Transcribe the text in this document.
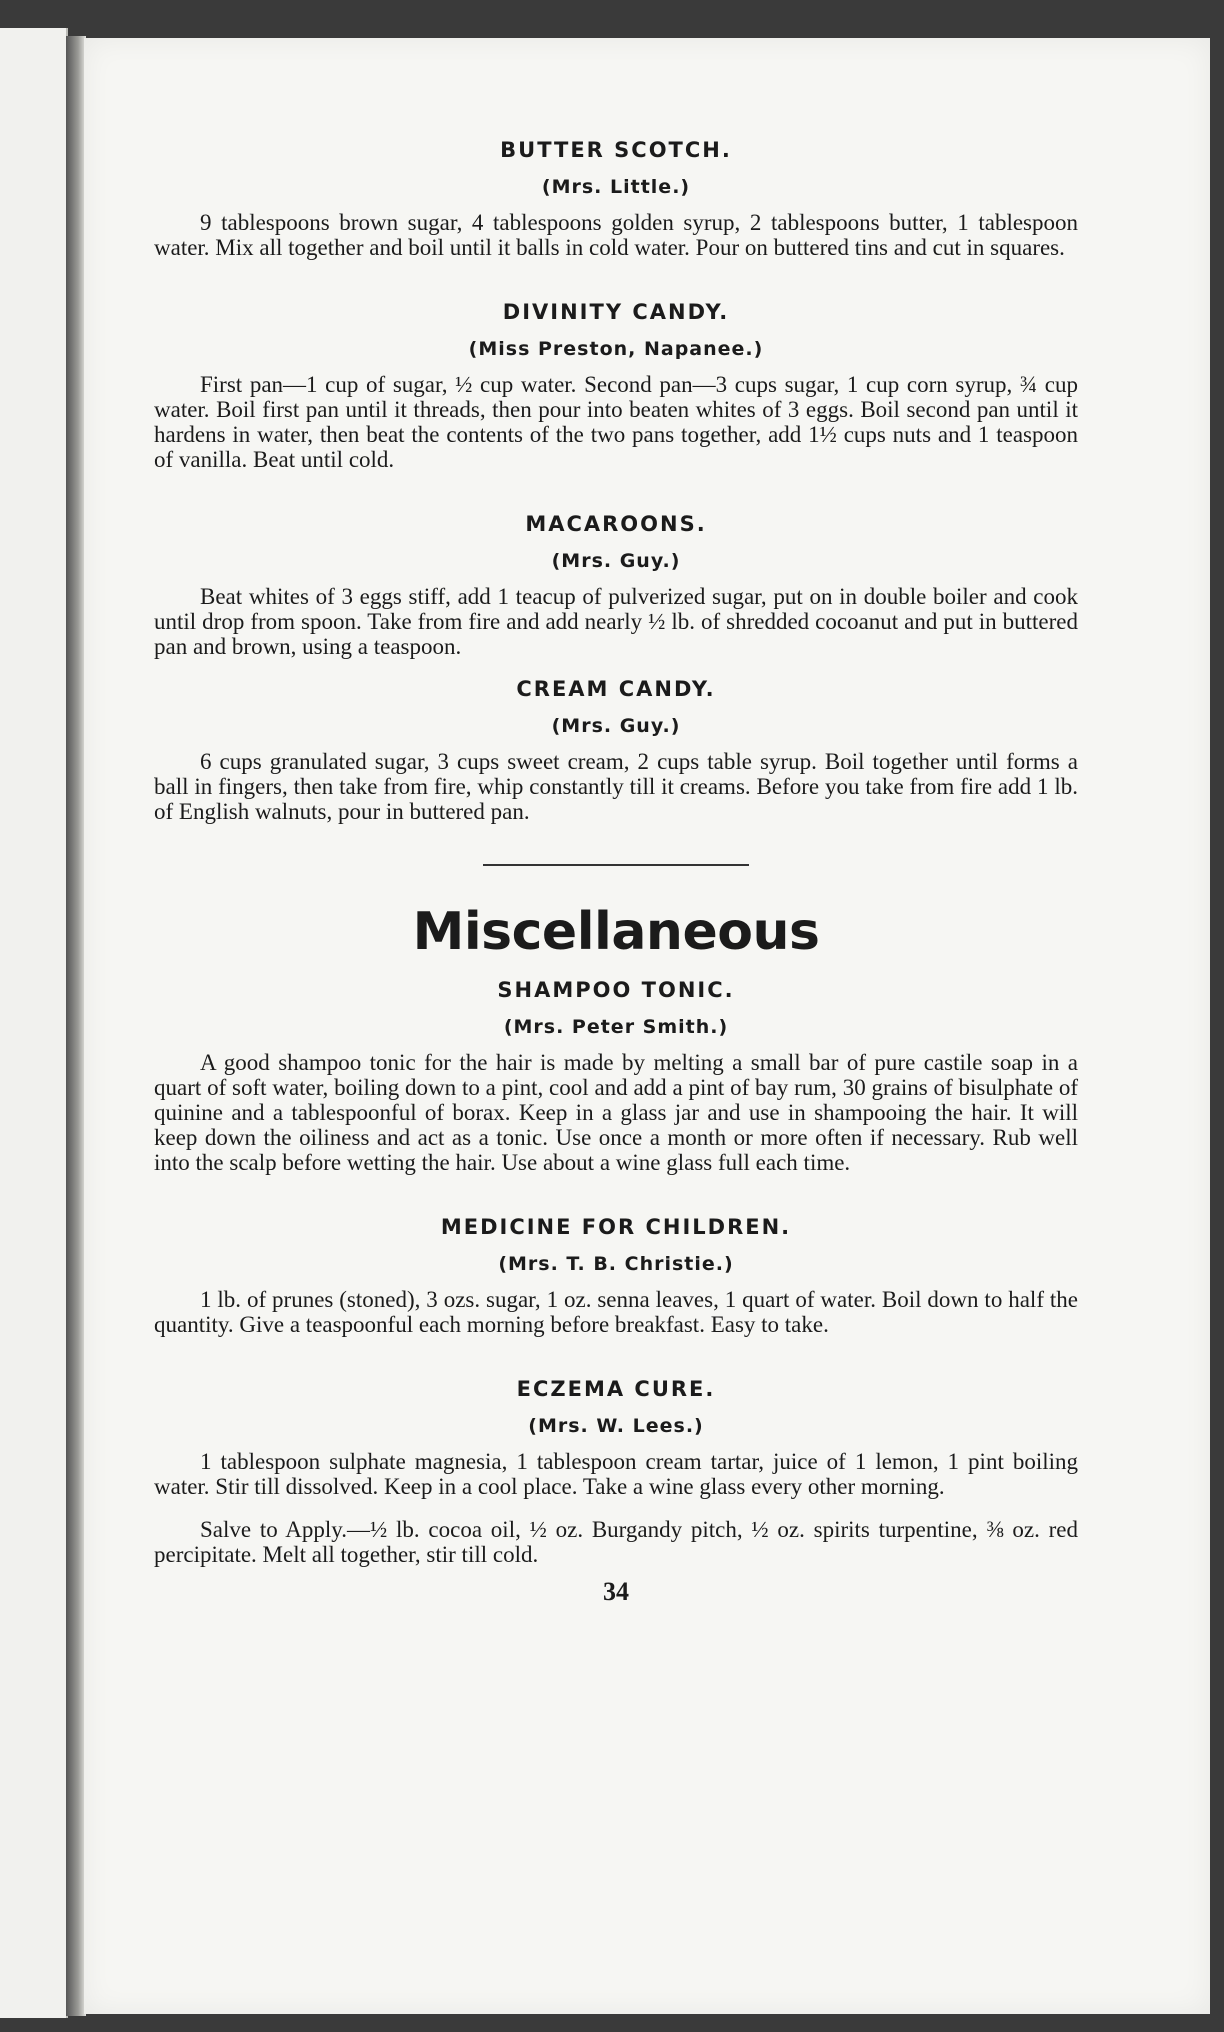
BUTTER SCOTCH.
(Mrs. Little.)

9 tablespoons brown sugar, 4 tablespoons golden syrup, 2 tablespoons butter, 1 tablespoon water. Mix all together and boil until it balls in cold water. Pour on buttered tins and cut in squares.

DIVINITY CANDY.
(Miss Preston, Napanee.)

First pan—1 cup of sugar, ½ cup water. Second pan—3 cups sugar, 1 cup corn syrup, ¾ cup water. Boil first pan until it threads, then pour into beaten whites of 3 eggs. Boil second pan until it hardens in water, then beat the contents of the two pans together, add 1½ cups nuts and 1 teaspoon of vanilla. Beat until cold.

MACAROONS.
(Mrs. Guy.)

Beat whites of 3 eggs stiff, add 1 teacup of pulverized sugar, put on in double boiler and cook until drop from spoon. Take from fire and add nearly ½ lb. of shredded cocoanut and put in buttered pan and brown, using a teaspoon.

CREAM CANDY.
(Mrs. Guy.)

6 cups granulated sugar, 3 cups sweet cream, 2 cups table syrup. Boil together until forms a ball in fingers, then take from fire, whip constantly till it creams. Before you take from fire add 1 lb. of English walnuts, pour in buttered pan.

Miscellaneous
SHAMPOO TONIC.
(Mrs. Peter Smith.)

A good shampoo tonic for the hair is made by melting a small bar of pure castile soap in a quart of soft water, boiling down to a pint, cool and add a pint of bay rum, 30 grains of bisulphate of quinine and a tablespoonful of borax. Keep in a glass jar and use in shampooing the hair. It will keep down the oiliness and act as a tonic. Use once a month or more often if necessary. Rub well into the scalp before wetting the hair. Use about a wine glass full each time.

MEDICINE FOR CHILDREN.
(Mrs. T. B. Christie.)

1 lb. of prunes (stoned), 3 ozs. sugar, 1 oz. senna leaves, 1 quart of water. Boil down to half the quantity. Give a teaspoonful each morning before breakfast. Easy to take.

ECZEMA CURE.
(Mrs. W. Lees.)

1 tablespoon sulphate magnesia, 1 tablespoon cream tartar, juice of 1 lemon, 1 pint boiling water. Stir till dissolved. Keep in a cool place. Take a wine glass every other morning.

Salve to Apply.—½ lb. cocoa oil, ½ oz. Burgandy pitch, ½ oz. spirits turpentine, ⅜ oz. red percipitate. Melt all together, stir till cold.

34
